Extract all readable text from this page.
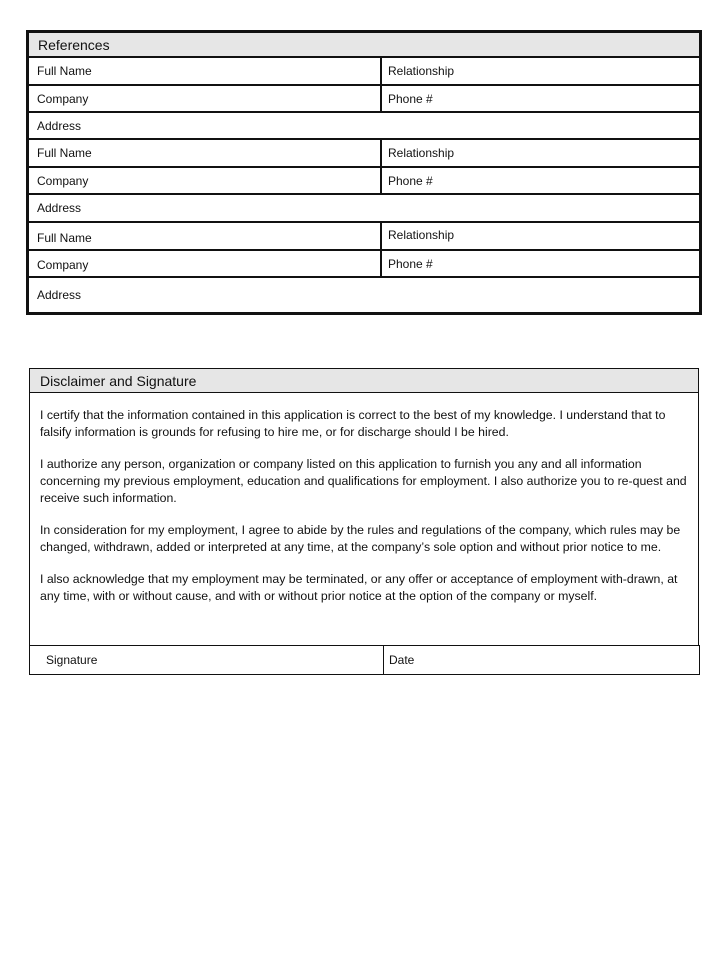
References
Full Name	Relationship
Company	Phone #
Address
Full Name	Relationship
Company	Phone #
Address
Full Name	Relationship
Company	Phone #
Address
Disclaimer and Signature

I certify that the information contained in this application is correct to the best of my knowledge. I understand that to falsify information is grounds for refusing to hire me, or for discharge should I be hired.

I authorize any person, organization or company listed on this application to furnish you any and all information concerning my previous employment, education and qualifications for employment. I also authorize you to re-quest and receive such information.

In consideration for my employment, I agree to abide by the rules and regulations of the company, which rules may be changed, withdrawn, added or interpreted at any time, at the company’s sole option and without prior notice to me.

I also acknowledge that my employment may be terminated, or any offer or acceptance of employment with-drawn, at any time, with or without cause, and with or without prior notice at the option of the company or myself.

Signature	Date
